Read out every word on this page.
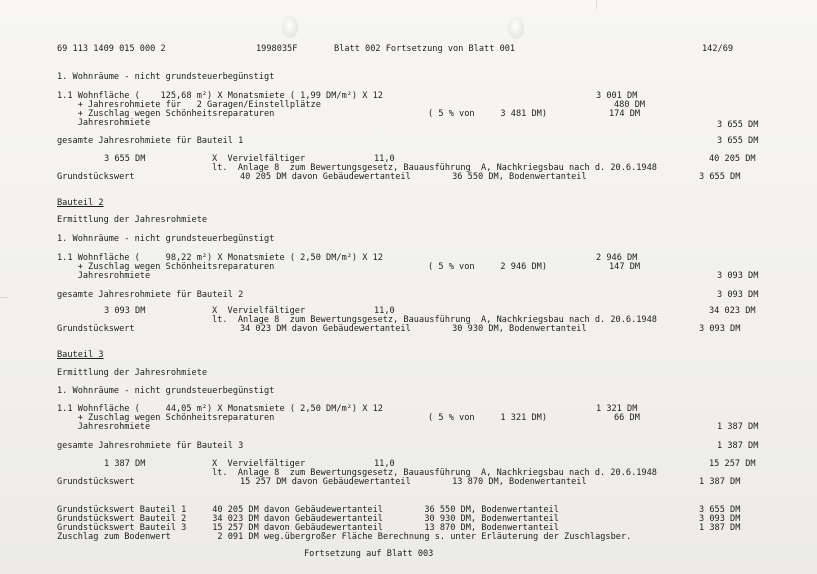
69 113 1409 015 000 2	1998035F	Blatt 002 Fortsetzung von Blatt 001	142/69
1. Wohnräume - nicht grundsteuerbegünstigt
1.1 Wohnfläche (    125,68 m²) X Monatsmiete ( 1,99 DM/m²) X 12	3 001 DM
+ Jahresrohmiete für   2 Garagen/Einstellplätze	480 DM
+ Zuschlag wegen Schönheitsreparaturen	( 5 % von     3 481 DM)	174 DM
Jahresrohmiete	3 655 DM
gesamte Jahresrohmiete für Bauteil 1	3 655 DM
3 655 DM	X  Vervielfältiger	11,0	40 205 DM
lt.  Anlage 8  zum Bewertungsgesetz, Bauausführung  A, Nachkriegsbau nach d. 20.6.1948
Grundstückswert	40 205 DM davon Gebäudewertanteil        36 550 DM, Bodenwertanteil	3 655 DM
Bauteil 2
Ermittlung der Jahresrohmiete
1. Wohnräume - nicht grundsteuerbegünstigt
1.1 Wohnfläche (     98,22 m²) X Monatsmiete ( 2,50 DM/m²) X 12	2 946 DM
+ Zuschlag wegen Schönheitsreparaturen	( 5 % von     2 946 DM)	147 DM
Jahresrohmiete	3 093 DM
gesamte Jahresrohmiete für Bauteil 2	3 093 DM
3 093 DM	X  Vervielfältiger	11,0	34 023 DM
lt.  Anlage 8  zum Bewertungsgesetz, Bauausführung  A, Nachkriegsbau nach d. 20.6.1948
Grundstückswert	34 023 DM davon Gebäudewertanteil        30 930 DM, Bodenwertanteil	3 093 DM
Bauteil 3
Ermittlung der Jahresrohmiete
1. Wohnräume - nicht grundsteuerbegünstigt
1.1 Wohnfläche (     44,05 m²) X Monatsmiete ( 2,50 DM/m²) X 12	1 321 DM
+ Zuschlag wegen Schönheitsreparaturen	( 5 % von     1 321 DM)	66 DM
Jahresrohmiete	1 387 DM
gesamte Jahresrohmiete für Bauteil 3	1 387 DM
1 387 DM	X  Vervielfältiger	11,0	15 257 DM
lt.  Anlage 8  zum Bewertungsgesetz, Bauausführung  A, Nachkriegsbau nach d. 20.6.1948
Grundstückswert	15 257 DM davon Gebäudewertanteil        13 870 DM, Bodenwertanteil	1 387 DM
Grundstückswert Bauteil 1     40 205 DM davon Gebäudewertanteil        36 550 DM, Bodenwertanteil	3 655 DM
Grundstückswert Bauteil 2     34 023 DM davon Gebäudewertanteil        30 930 DM, Bodenwertanteil	3 093 DM
Grundstückswert Bauteil 3     15 257 DM davon Gebäudewertanteil        13 870 DM, Bodenwertanteil	1 387 DM
Zuschlag zum Bodenwert         2 091 DM weg.übergroßer Fläche Berechnung s. unter Erläuterung der Zuschlagsber.
Fortsetzung auf Blatt 003
